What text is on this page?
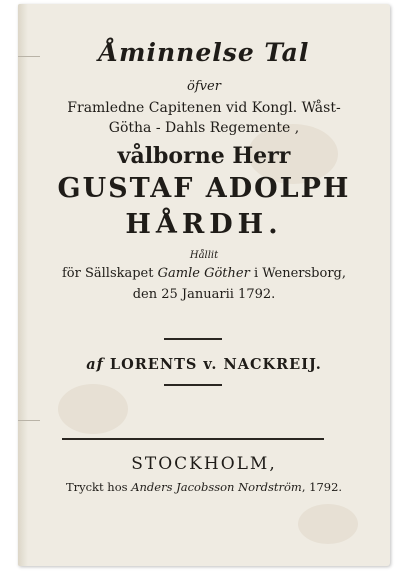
Åminnelse Tal
öfver
Framledne Capitenen vid Kongl. Wåst-
Götha - Dahls Regemente ,
vålborne Herr
GUSTAF ADOLPH
HÅRDH.
Hållit
för Sällskapet Gamle Göther i Wenersborg,
den 25 Januarii 1792.
af LORENTS v. NACKREIJ.
STOCKHOLM,
Tryckt hos Anders Jacobsson Nordström, 1792.
